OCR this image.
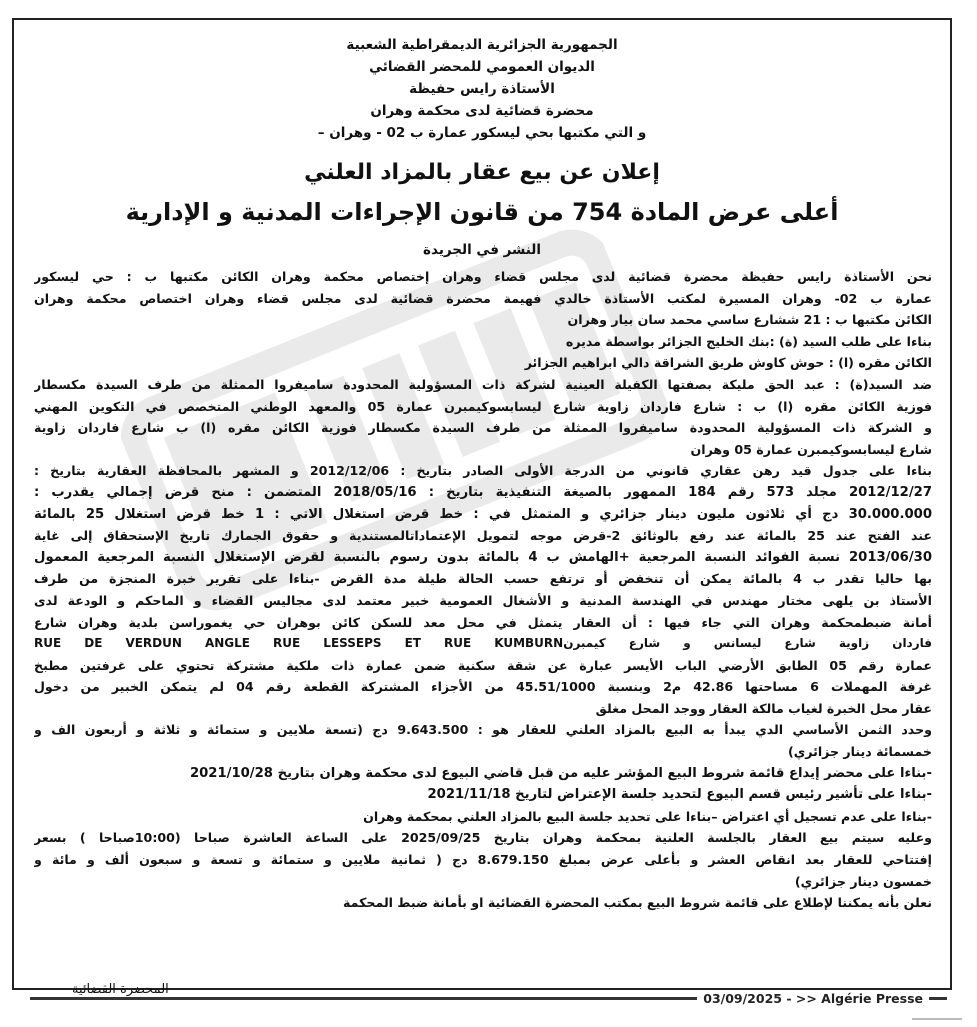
الجمهورية الجزائرية الديمقراطية الشعبية
الديوان العمومي للمحضر القضائي
الأستاذة رايس حفيظة
محضرة قضائية لدى محكمة وهران
و التي مكتبها بحي ليسكور عمارة ب 02 - وهران –
إعلان عن بيع عقار بالمزاد العلني
أعلى عرض المادة 754 من قانون الإجراءات المدنية و الإدارية
النشر في الجريدة
نحن الأستاذة رايس حفيظة محضرة قضائية لدى مجلس قضاء وهران إختصاص محكمة وهران الكائن مكتبها ب : حي ليسكور
عمارة ب 02- وهران المسيرة لمكتب الأستاذة خالدي فهيمة محضرة قضائية لدى مجلس قضاء وهران اختصاص محكمة وهران
الكائن مكتبها ب : 21 ششارع ساسي محمد سان بيار وهران
بناءا على طلب السيد (ة) :بنك الخليج الجزائر بواسطة مديره
الكائن مقره (ا) : حوش كاوش طريق الشراقة دالي ابراهيم الجزائر
ضد السيد(ة) : عبد الحق مليكة بصفتها الكفيلة العينية لشركة ذات المسؤولية المحدودة ساميفروا الممثلة من طرف السيدة مكسطار
فوزية الكائن مقره (ا) ب : شارع فاردان زاوية شارع ليسابسوكيمبرن عمارة 05 والمعهد الوطني المتخصص في التكوين المهني
و الشركة ذات المسؤولية المحدودة ساميفروا الممثلة من طرف السيدة مكسطار فوزية الكائن مقره (ا) ب شارع فاردان زاوية
شارع ليسابسوكيمبرن عمارة 05 وهران
بناءا على جدول قيد رهن عقاري قانوني من الدرجة الأولى الصادر بتاريخ : 2012/12/06 و المشهر بالمحافظة العقارية بتاريخ :
2012/12/27 مجلد 573 رقم 184 الممهور بالصيغة التنفيذية بتاريخ : 2018/05/16 المتضمن : منح قرض إجمالي يقدرب :
30.000.000 دج أي ثلاثون مليون دينار جزائري و المتمثل في : خط قرض استغلال الاتي : 1 خط قرض استغلال 25 بالمائة
عند الفتح عند 25 بالمائة عند رفع بالوثائق 2-قرض موجه لتمويل الإعتماداتالمستندية و حقوق الجمارك تاريخ الإستحقاق إلى غاية
2013/06/30 نسبة الفوائد النسبة المرجعية +الهامش ب 4 بالمائة بدون رسوم بالنسبة لقرض الإستغلال النسبة المرجعية المعمول
بها حاليا تقدر ب 4 بالمائة يمكن أن تنخفض أو ترتفع حسب الحالة طيلة مدة القرض -بناءا على تقرير خبرة المنجزة من طرف
الأستاذ بن يلهى مختار مهندس في الهندسة المدنية و الأشغال العمومية خبير معتمد لدى مجاليس القضاء و الماحكم و الودعة لدى
أمانة ضبطمحكمة وهران التي جاء فيها : أن العقار يتمثل في محل معد للسكن كائن بوهران حي يغموراسن بلدية وهران شارع
فاردان زاوية شارع ليسانس و شارع كيمبرنRUE DE VERDUN ANGLE RUE LESSEPS ET RUE KUMBURN
عمارة رقم 05 الطابق الأرضي الباب الأيسر عبارة عن شقة سكنية ضمن عمارة ذات ملكية مشتركة تحتوي على غرفتين مطبخ
غرفة المهملات 6 مساحتها 42.86 م2 وبنسبة 45.51/1000 من الأجزاء المشتركة القطعة رقم 04 لم يتمكن الخبير من دخول
عقار محل الخبرة لغياب مالكة العقار ووجد المحل مغلق
وحدد الثمن الأساسي الدي يبدأ به البيع بالمزاد العلني للعقار هو : 9.643.500 دج (تسعة ملايين و ستمائة و ثلاثة و أربعون الف و
خمسمائة دينار جزائري)
-بناءا على محضر إيداع قائمة شروط البيع المؤشر عليه من قبل قاضي البيوع لدى محكمة وهران بتاريخ 2021/10/28
-بناءا على تأشير رئيس قسم البيوع لتحديد جلسة الإعتراض لتاريخ 2021/11/18
-بناءا على عدم تسجيل أي اعتراض –بناءا على تحديد جلسة البيع بالمزاد العلني بمحكمة وهران
وعليه سيتم بيع العقار بالجلسة العلنية بمحكمة وهران بتاريخ 2025/09/25 على الساعة العاشرة صباحا (10:00صباحا ) بسعر
إفتتاحي للعقار بعد انقاص العشر و بأعلى عرض بمبلغ 8.679.150 دج ( ثمانية ملايين و ستمائة و تسعة و سبعون ألف و مائة و
خمسون دينار جزائري)
نعلن بأنه يمكننا لإطلاع على قائمة شروط البيع بمكتب المحضرة القضائية او بأمانة ضبط المحكمة
المحضرة القضائية
03/09/2025 - >> Algérie Presse
